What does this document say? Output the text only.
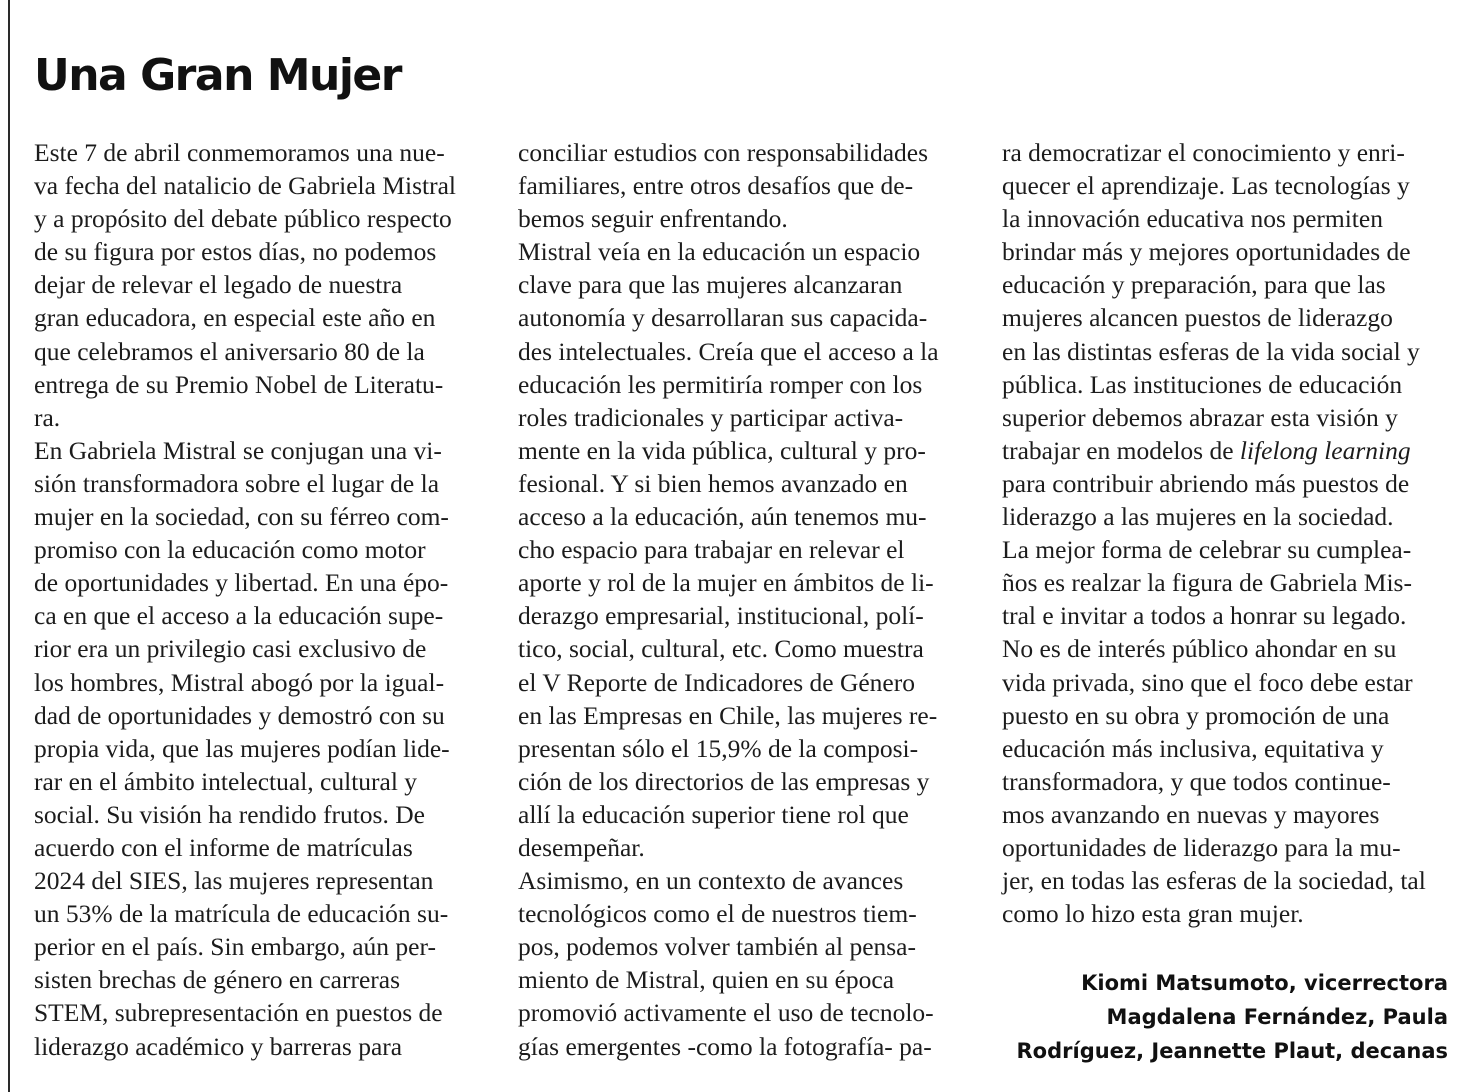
Una Gran Mujer
Este 7 de abril conmemoramos una nue-
va fecha del natalicio de Gabriela Mistral
y a propósito del debate público respecto
de su figura por estos días, no podemos
dejar de relevar el legado de nuestra
gran educadora, en especial este año en
que celebramos el aniversario 80 de la
entrega de su Premio Nobel de Literatu-
ra.
En Gabriela Mistral se conjugan una vi-
sión transformadora sobre el lugar de la
mujer en la sociedad, con su férreo com-
promiso con la educación como motor
de oportunidades y libertad. En una épo-
ca en que el acceso a la educación supe-
rior era un privilegio casi exclusivo de
los hombres, Mistral abogó por la igual-
dad de oportunidades y demostró con su
propia vida, que las mujeres podían lide-
rar en el ámbito intelectual, cultural y
social. Su visión ha rendido frutos. De
acuerdo con el informe de matrículas
2024 del SIES, las mujeres representan
un 53% de la matrícula de educación su-
perior en el país. Sin embargo, aún per-
sisten brechas de género en carreras
STEM, subrepresentación en puestos de
liderazgo académico y barreras para
conciliar estudios con responsabilidades
familiares, entre otros desafíos que de-
bemos seguir enfrentando.
Mistral veía en la educación un espacio
clave para que las mujeres alcanzaran
autonomía y desarrollaran sus capacida-
des intelectuales. Creía que el acceso a la
educación les permitiría romper con los
roles tradicionales y participar activa-
mente en la vida pública, cultural y pro-
fesional. Y si bien hemos avanzado en
acceso a la educación, aún tenemos mu-
cho espacio para trabajar en relevar el
aporte y rol de la mujer en ámbitos de li-
derazgo empresarial, institucional, polí-
tico, social, cultural, etc. Como muestra
el V Reporte de Indicadores de Género
en las Empresas en Chile, las mujeres re-
presentan sólo el 15,9% de la composi-
ción de los directorios de las empresas y
allí la educación superior tiene rol que
desempeñar.
Asimismo, en un contexto de avances
tecnológicos como el de nuestros tiem-
pos, podemos volver también al pensa-
miento de Mistral, quien en su época
promovió activamente el uso de tecnolo-
gías emergentes -como la fotografía- pa-
ra democratizar el conocimiento y enri-
quecer el aprendizaje. Las tecnologías y
la innovación educativa nos permiten
brindar más y mejores oportunidades de
educación y preparación, para que las
mujeres alcancen puestos de liderazgo
en las distintas esferas de la vida social y
pública. Las instituciones de educación
superior debemos abrazar esta visión y
trabajar en modelos de lifelong learning
para contribuir abriendo más puestos de
liderazgo a las mujeres en la sociedad.
La mejor forma de celebrar su cumplea-
ños es realzar la figura de Gabriela Mis-
tral e invitar a todos a honrar su legado.
No es de interés público ahondar en su
vida privada, sino que el foco debe estar
puesto en su obra y promoción de una
educación más inclusiva, equitativa y
transformadora, y que todos continue-
mos avanzando en nuevas y mayores
oportunidades de liderazgo para la mu-
jer, en todas las esferas de la sociedad, tal
como lo hizo esta gran mujer.
Kiomi Matsumoto, vicerrectora
Magdalena Fernández, Paula
Rodríguez, Jeannette Plaut, decanas
